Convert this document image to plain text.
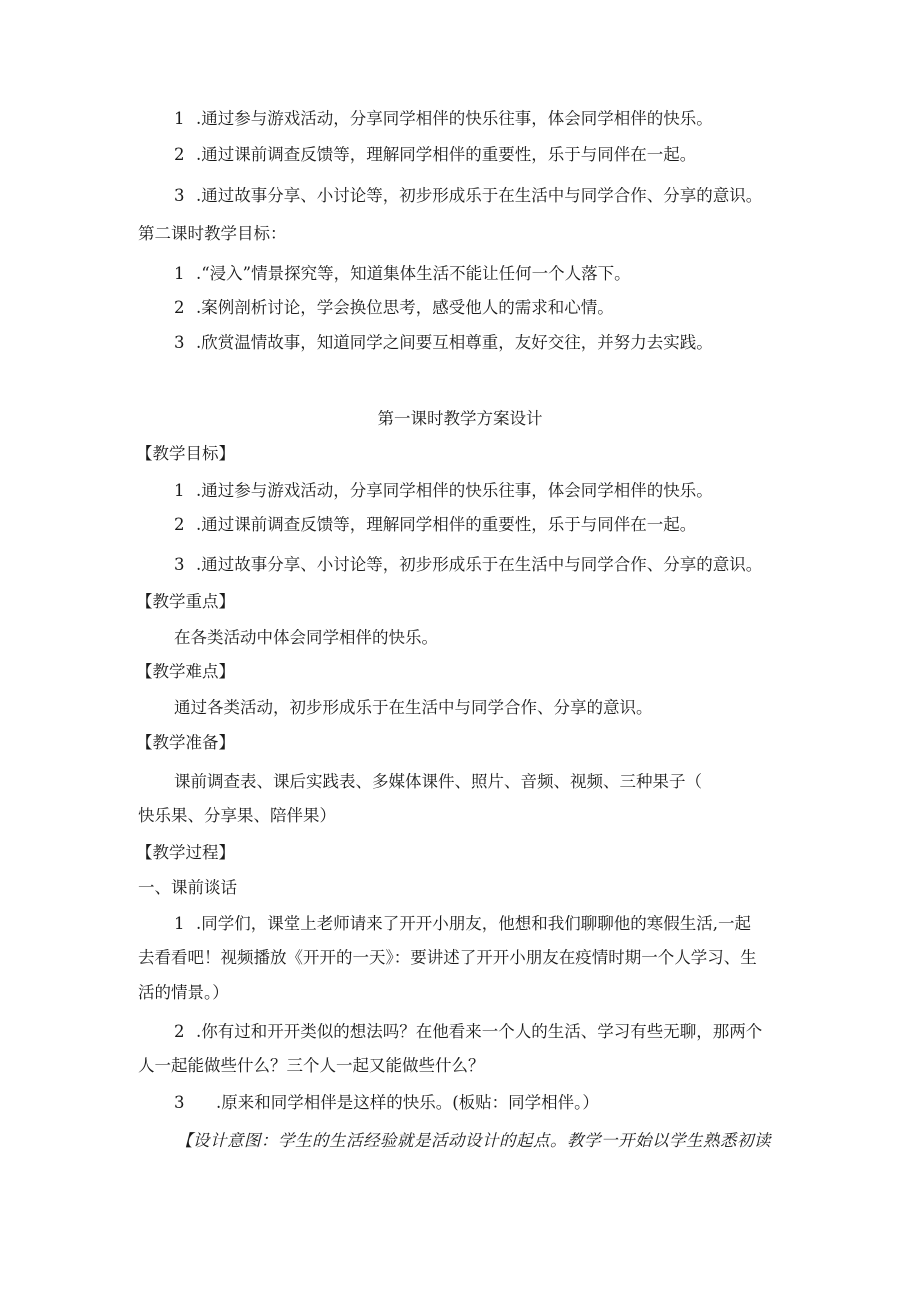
1 .通过参与游戏活动，分享同学相伴的快乐往事，体会同学相伴的快乐。
2 .通过课前调查反馈等，理解同学相伴的重要性，乐于与同伴在一起。
3 .通过故事分享、小讨论等，初步形成乐于在生活中与同学合作、分享的意识。
第二课时教学目标：
1 .“浸入”情景探究等，知道集体生活不能让任何一个人落下。
2 .案例剖析讨论，学会换位思考，感受他人的需求和心情。
3 .欣赏温情故事，知道同学之间要互相尊重，友好交往，并努力去实践。
第一课时教学方案设计
【教学目标】
1 .通过参与游戏活动，分享同学相伴的快乐往事，体会同学相伴的快乐。
2 .通过课前调查反馈等，理解同学相伴的重要性，乐于与同伴在一起。
3 .通过故事分享、小讨论等，初步形成乐于在生活中与同学合作、分享的意识。
【教学重点】
在各类活动中体会同学相伴的快乐。
【教学难点】
通过各类活动，初步形成乐于在生活中与同学合作、分享的意识。
【教学准备】
课前调查表、课后实践表、多媒体课件、照片、音频、视频、三种果子（
快乐果、分享果、陪伴果）
【教学过程】
一、课前谈话
1 .同学们，课堂上老师请来了开开小朋友，他想和我们聊聊他的寒假生活,一起
去看看吧！视频播放《开开的一天》：要讲述了开开小朋友在疫情时期一个人学习、生
活的情景。）
2 .你有过和开开类似的想法吗？在他看来一个人的生活、学习有些无聊，那两个
人一起能做些什么？三个人一起又能做些什么？
3 .原来和同学相伴是这样的快乐。(板贴：同学相伴。）
【设计意图：学生的生活经验就是活动设计的起点。教学一开始以学生熟悉初读
